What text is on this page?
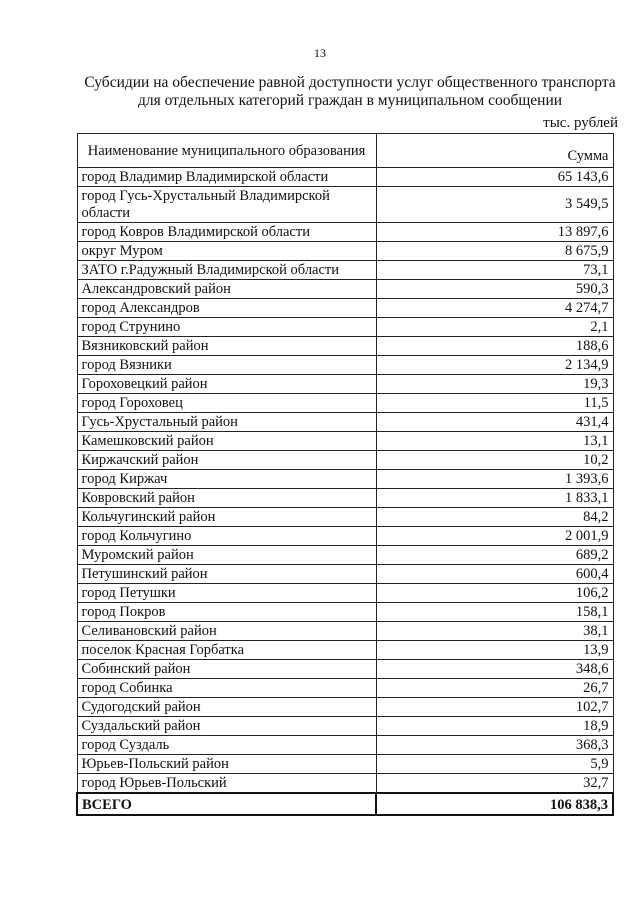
13
Субсидии на обеспечение равной доступности услуг общественного транспорта
для отдельных категорий граждан в муниципальном сообщении
тыс. рублей
Наименование муниципального образования	Сумма
город Владимир Владимирской области	65 143,6
город Гусь-Хрустальный Владимирской области	3 549,5
город Ковров Владимирской области	13 897,6
округ Муром	8 675,9
ЗАТО г.Радужный Владимирской области	73,1
Александровский район	590,3
город Александров	4 274,7
город Струнино	2,1
Вязниковский район	188,6
город Вязники	2 134,9
Гороховецкий район	19,3
город Гороховец	11,5
Гусь-Хрустальный район	431,4
Камешковский район	13,1
Киржачский район	10,2
город Киржач	1 393,6
Ковровский район	1 833,1
Кольчугинский район	84,2
город Кольчугино	2 001,9
Муромский район	689,2
Петушинский район	600,4
город Петушки	106,2
город Покров	158,1
Селивановский район	38,1
поселок Красная Горбатка	13,9
Собинский район	348,6
город Собинка	26,7
Судогодский район	102,7
Суздальский район	18,9
город Суздаль	368,3
Юрьев-Польский район	5,9
город Юрьев-Польский	32,7
ВСЕГО	106 838,3
